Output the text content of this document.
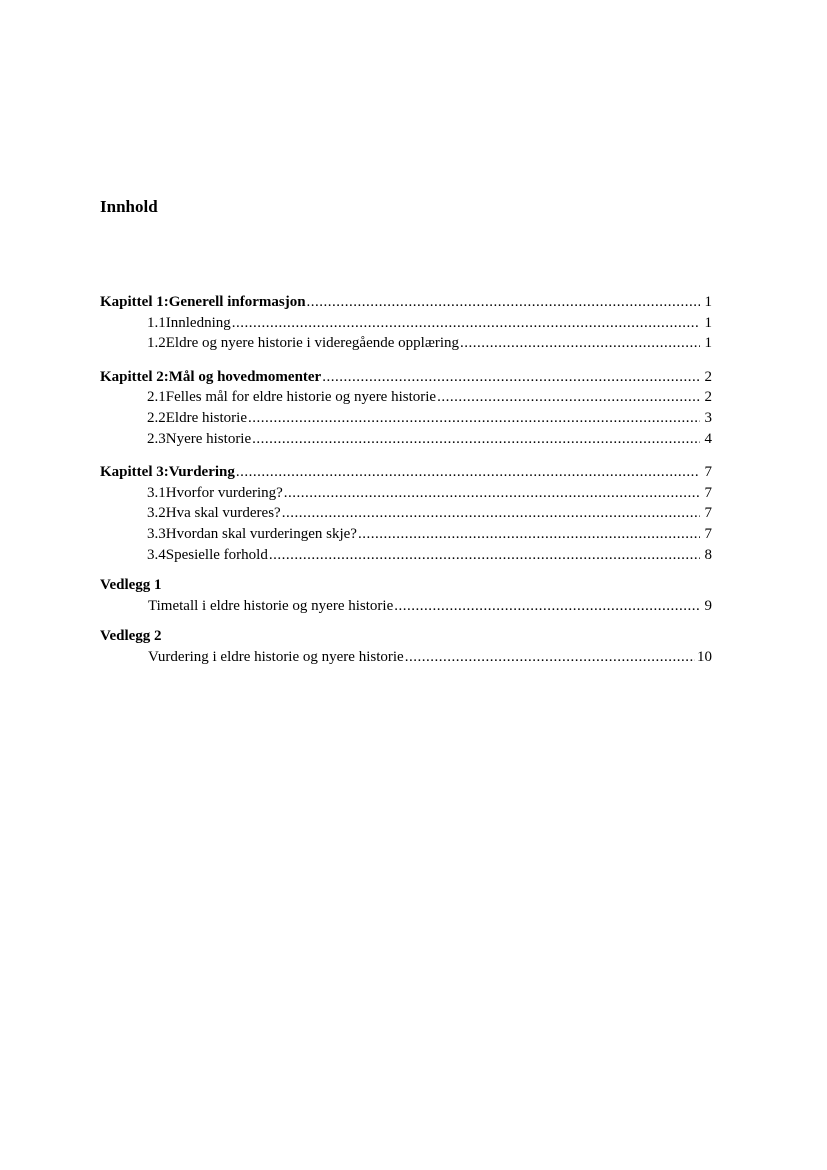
Innhold
Kapittel 1: Generell informasjon .....	1
1.1 Innledning .....	1
1.2 Eldre og nyere historie i videregående opplæring .....	1
Kapittel 2: Mål og hovedmomenter .....	2
2.1 Felles mål for eldre historie og nyere historie .....	2
2.2 Eldre historie .....	3
2.3 Nyere historie .....	4
Kapittel 3: Vurdering .....	7
3.1 Hvorfor vurdering? .....	7
3.2 Hva skal vurderes? .....	7
3.3 Hvordan skal vurderingen skje? .....	7
3.4 Spesielle forhold .....	8
Vedlegg 1
Timetall i eldre historie og nyere historie .....	9
Vedlegg 2
Vurdering i eldre historie og nyere historie .....	10
